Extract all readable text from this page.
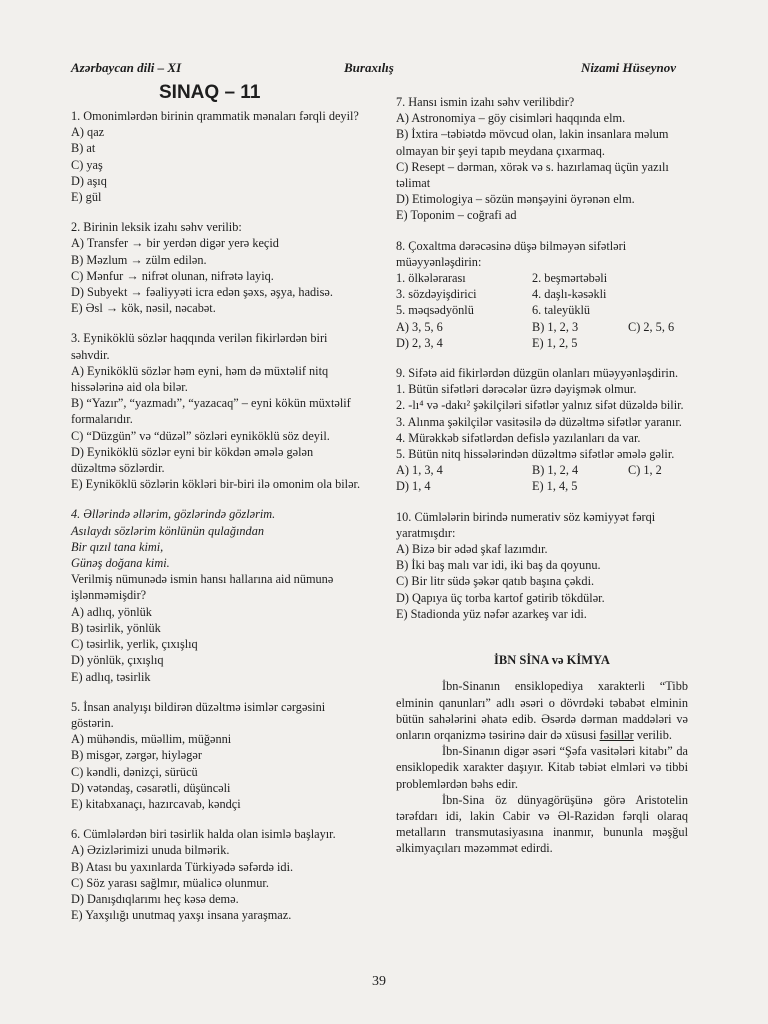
Azərbaycan dili – XI	Buraxılış	Nizami Hüseynov
SINAQ – 11

1. Omonimlərdən birinin qrammatik mənaları fərqli deyil?

A) qaz

B) at

C) yaş

D) aşıq

E) gül

2. Birinin leksik izahı səhv verilib:

A) Transfer → bir yerdən digər yerə keçid

B) Məzlum → zülm edilən.

C) Mənfur → nifrət olunan, nifrətə layiq.

D) Subyekt → fəaliyyəti icra edən şəxs, əşya, hadisə.

E) Əsl → kök, nəsil, nəcabət.

3. Eyniköklü sözlər haqqında verilən fikirlərdən biri səhvdir.

A) Eyniköklü sözlər həm eyni, həm də müxtəlif nitq hissələrinə aid ola bilər.

B) “Yazır”, “yazmadı”, “yazacaq” – eyni kökün müxtəlif formalarıdır.

C) “Düzgün” və “düzəl” sözləri eyniköklü söz deyil.

D) Eyniköklü sözlər eyni bir kökdən əmələ gələn düzəltmə sözlərdir.

E) Eyniköklü sözlərin kökləri bir-biri ilə omonim ola bilər.

4. Əllərində əllərim, gözlərində gözlərim.

Asılaydı sözlərim könlünün qulağından

Bir qızıl tana kimi,

Günəş doğana kimi.

Verilmiş nümunədə ismin hansı hallarına aid nümunə işlənməmişdir?

A) adlıq, yönlük

B) təsirlik, yönlük

C) təsirlik, yerlik, çıxışlıq

D) yönlük, çıxışlıq

E) adlıq, təsirlik

5. İnsan analyışı bildirən düzəltmə isimlər cərgəsini göstərin.

A) mühəndis, müəllim, müğənni

B) misgər, zərgər, hiyləgər

C) kəndli, dənizçi, sürücü

D) vətəndaş, cəsarətli, düşüncəli

E) kitabxanaçı, hazırcavab, kəndçi

6. Cümlələrdən biri təsirlik halda olan isimlə başlayır.

A) Əzizlərimizi unuda bilmərik.

B) Atası bu yaxınlarda Türkiyədə səfərdə idi.

C) Söz yarası sağlmır, müalicə olunmur.

D) Danışdıqlarımı heç kəsə demə.

E) Yaxşılığı unutmaq yaxşı insana yaraşmaz.

7. Hansı ismin izahı səhv verilibdir?

A) Astronomiya – göy cisimləri haqqında elm.

B) İxtira –təbiətdə mövcud olan, lakin insanlara məlum olmayan bir şeyi tapıb meydana çıxarmaq.

C) Resept – dərman, xörək və s. hazırlamaq üçün yazılı təlimat

D) Etimologiya – sözün mənşəyini öyrənən elm.

E) Toponim – coğrafi ad

8. Çoxaltma dərəcəsinə düşə bilməyən sifətləri müəyyənləşdirin:

1. ölkələrarası	2. beşmərtəbəli
3. sözdəyişdirici	4. daşlı-kəsəkli
5. məqsədyönlü	6. taleyüklü
A) 3, 5, 6	B) 1, 2, 3	C) 2, 5, 6
D) 2, 3, 4	E) 1, 2, 5

9. Sifətə aid fikirlərdən düzgün olanları müəyyənləşdirin.

1. Bütün sifətləri dərəcələr üzrə dəyişmək olmur.

2. -lı⁴ və -dakı² şəkilçiləri sifətlər yalnız sifət düzəldə bilir.

3. Alınma şəkilçilər vasitəsilə də düzəltmə sifətlər yaranır.

4. Mürəkkəb sifətlərdən defislə yazılanları da var.

5. Bütün nitq hissələrindən düzəltmə sifətlər əmələ gəlir.

A) 1, 3, 4	B) 1, 2, 4	C) 1, 2
D) 1, 4	E) 1, 4, 5

10. Cümlələrin birində numerativ söz kəmiyyət fərqi yaratmışdır:

A) Bizə bir ədəd şkaf lazımdır.

B) İki baş malı var idi, iki baş da qoyunu.

C) Bir litr südə şəkər qatıb başına çəkdi.

D) Qapıya üç torba kartof gətirib tökdülər.

E) Stadionda yüz nəfər azarkeş var idi.

İBN SİNA və KİMYA

İbn-Sinanın ensiklopediya xarakterli “Tibb elminin qanunları” adlı əsəri o dövrdəki təbabət elminin bütün sahələrini əhatə edib. Əsərdə dərman maddələri və onların orqanizmə təsirinə dair də xüsusi fəsillər verilib.

İbn-Sinanın digər əsəri “Şəfa vasitələri kitabı” da ensiklopedik xarakter daşıyır. Kitab təbiət elmləri və tibbi problemlərdən bəhs edir.

İbn-Sina öz dünyagörüşünə görə Aristotelin tərəfdarı idi, lakin Cabir və Əl-Razidən fərqli olaraq metalların transmutasiyasına inanmır, bununla məşğul əlkimyaçıları məzəmmət edirdi.

39
